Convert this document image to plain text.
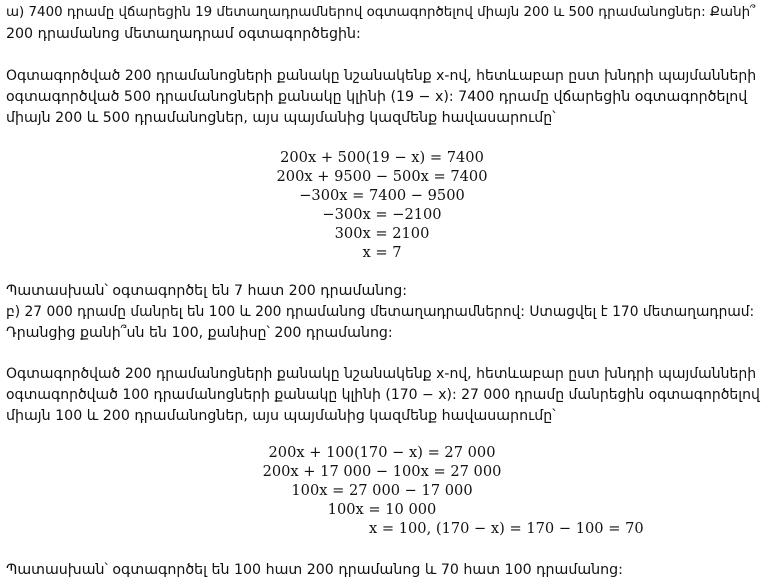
ա) 7400 դրամը վճարեցին 19 մետաղադրամներով օգտագործելով միայն 200 և 500 դրամանոցներ: Քանի՞
200 դրամանոց մետաղադրամ օգտագործեցին:
Օգտագործված 200 դրամանոցների քանակը նշանակենք x-ով, հետևաբար ըստ խնդրի պայմանների
օգտագործված 500 դրամանոցների քանակը կլինի (19 − x): 7400 դրամը վճարեցին օգտագործելով
միայն 200 և 500 դրամանոցներ, այս պայմանից կազմենք հավասարումը՝
200x + 500(19 − x) = 7400
200x + 9500 − 500x = 7400
−300x = 7400 − 9500
−300x = −2100
300x = 2100
x = 7
Պատասխան՝ օգտագործել են 7 հատ 200 դրամանոց:
բ) 27 000 դրամը մանրել են 100 և 200 դրամանոց մետաղադրամներով: Ստացվել է 170 մետաղադրամ:
Դրանցից քանի՞սն են 100, քանիսը՝ 200 դրամանոց:
Օգտագործված 200 դրամանոցների քանակը նշանակենք x-ով, հետևաբար ըստ խնդրի պայմանների
օգտագործված 100 դրամանոցների քանակը կլինի (170 − x): 27 000 դրամը մանրեցին օգտագործելով
միայն 100 և 200 դրամանոցներ, այս պայմանից կազմենք հավասարումը՝
200x + 100(170 − x) = 27 000
200x + 17 000 − 100x = 27 000
100x = 27 000 − 17 000
100x = 10 000
x = 100, (170 − x) = 170 − 100 = 70
Պատասխան՝ օգտագործել են 100 հատ 200 դրամանոց և 70 հատ 100 դրամանոց:
